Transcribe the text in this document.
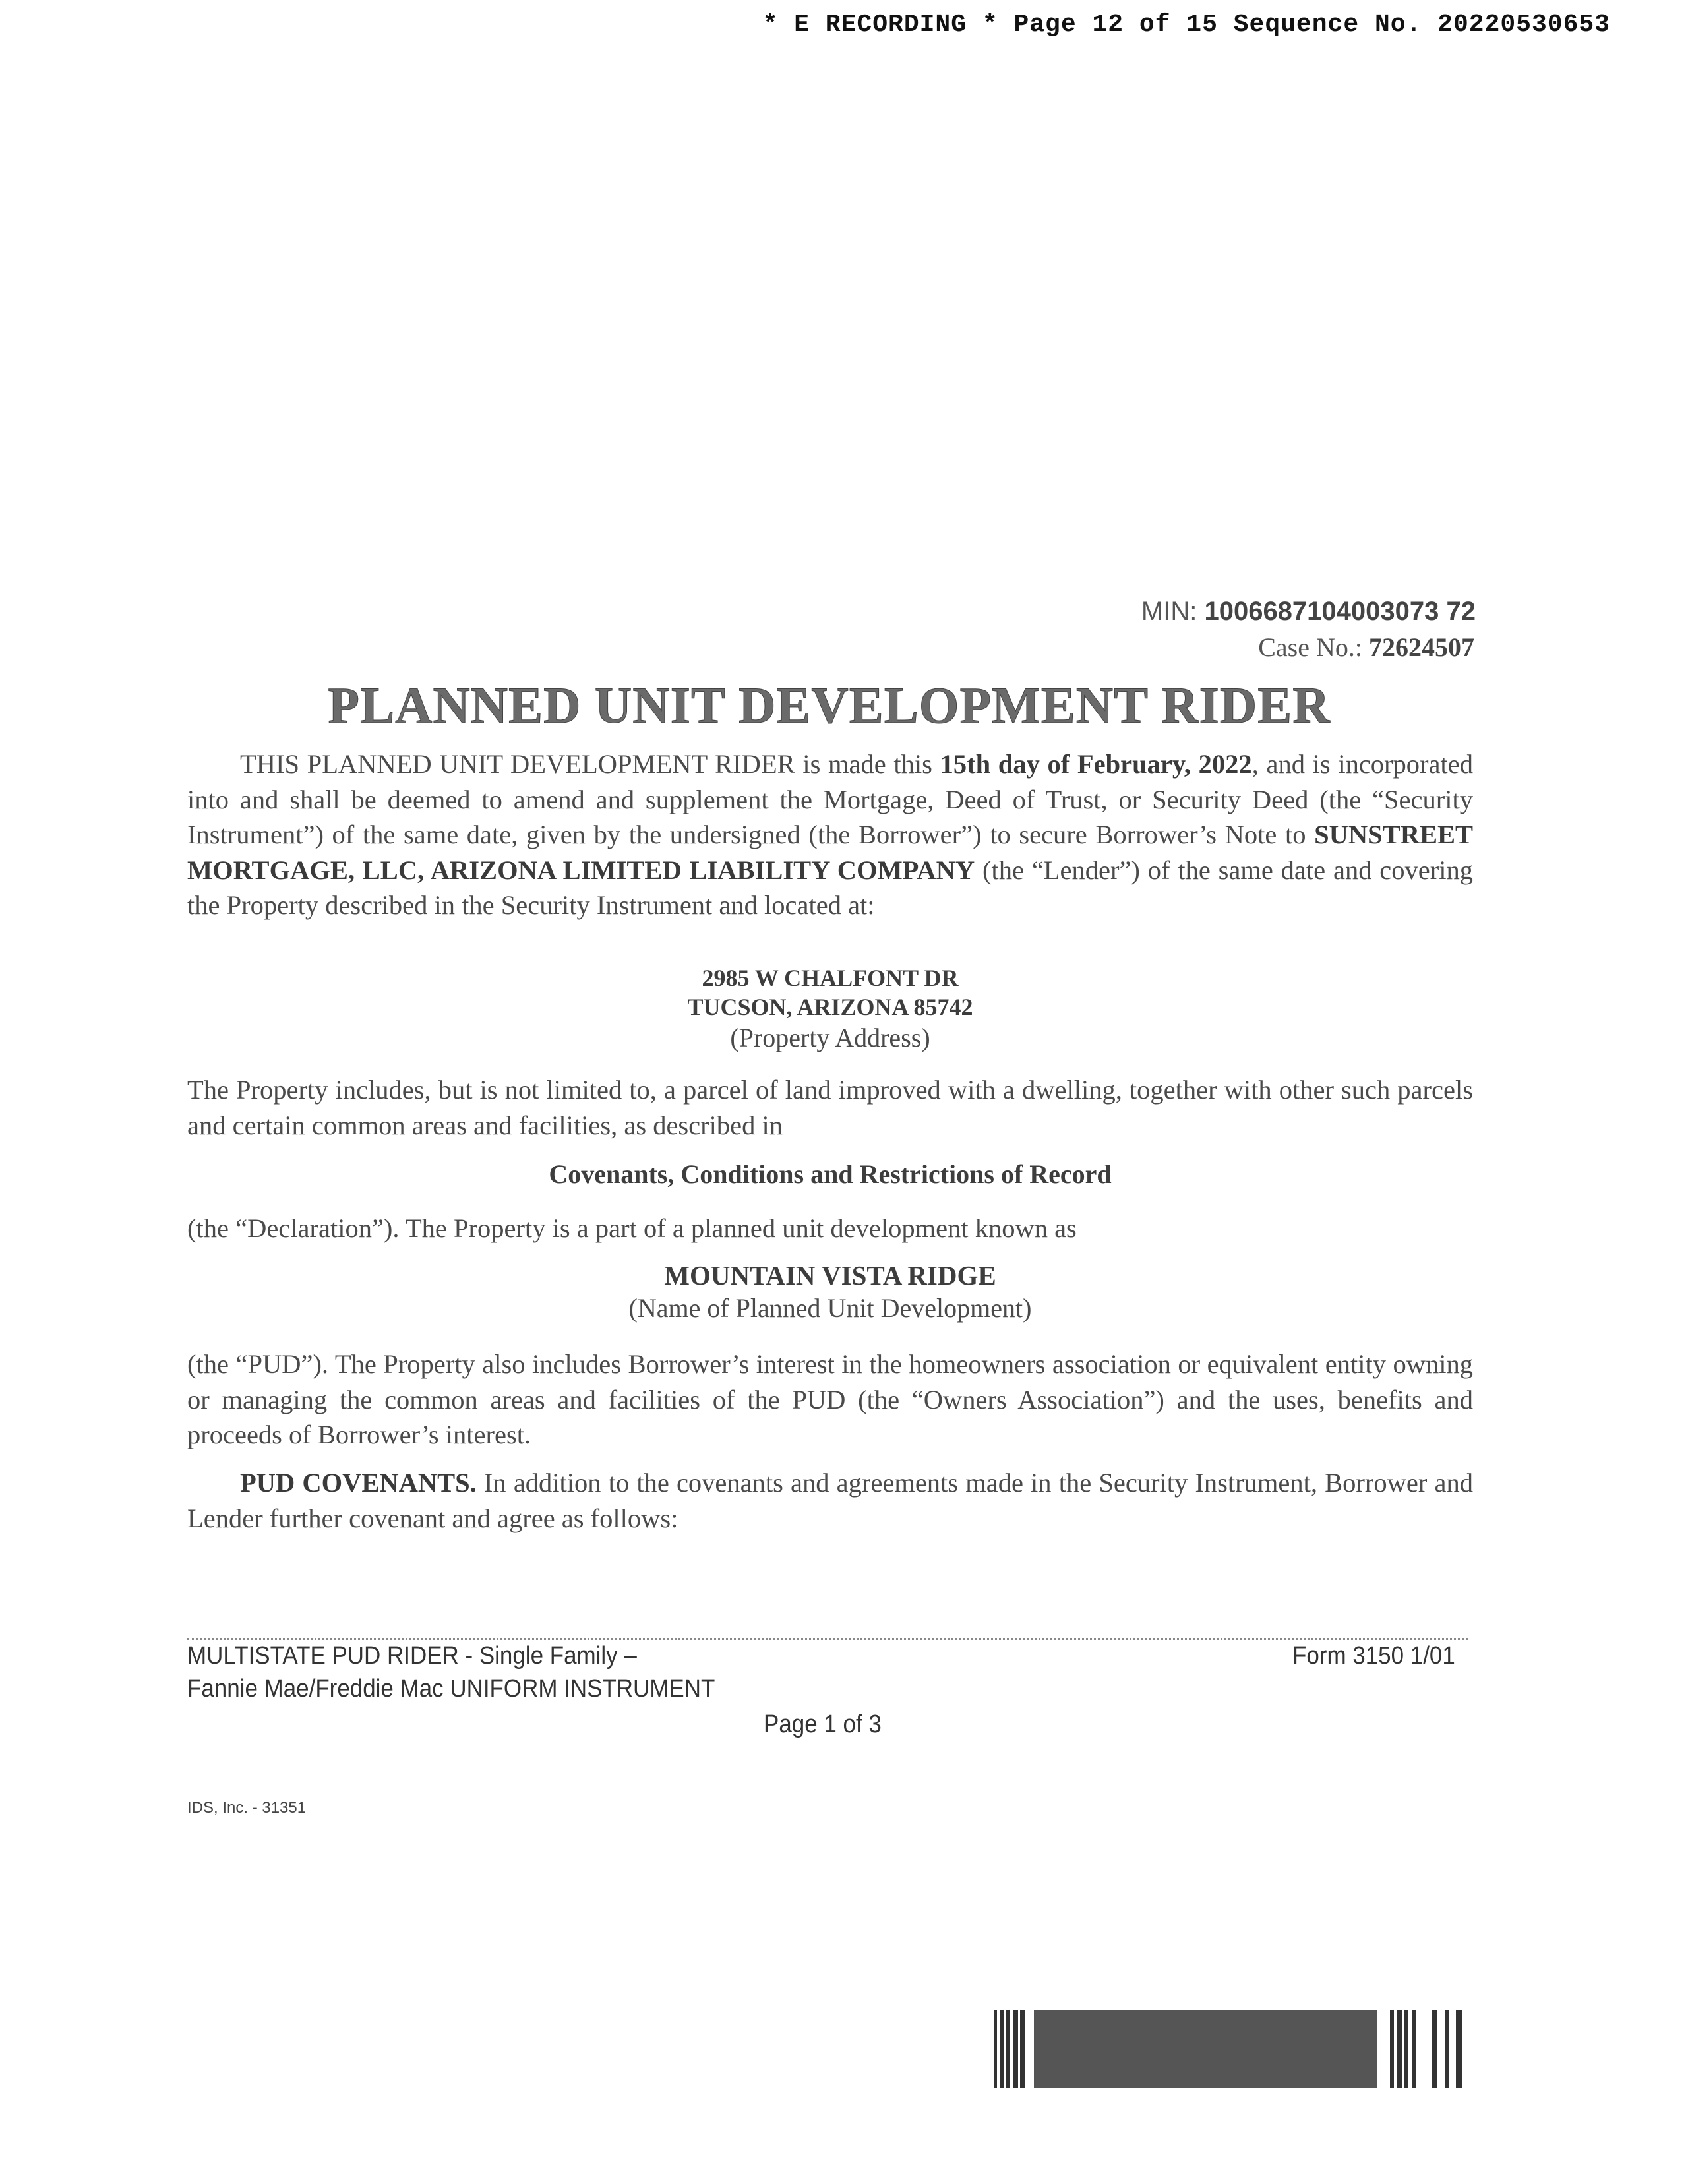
* E RECORDING * Page 12 of 15 Sequence No. 20220530653
MIN: 1006687104003073 72
Case No.: 72624507
PLANNED UNIT DEVELOPMENT RIDER
THIS PLANNED UNIT DEVELOPMENT RIDER is made this 15th day of February, 2022, and is incorporated into and shall be deemed to amend and supplement the Mortgage, Deed of Trust, or Security Deed (the “Security Instrument”) of the same date, given by the undersigned (the Borrower”) to secure Borrower’s Note to SUNSTREET MORTGAGE, LLC, ARIZONA LIMITED LIABILITY COMPANY (the “Lender”) of the same date and covering the Property described in the Security Instrument and located at:
2985 W CHALFONT DR
TUCSON, ARIZONA 85742
(Property Address)
The Property includes, but is not limited to, a parcel of land improved with a dwelling, together with other such parcels and certain common areas and facilities, as described in
Covenants, Conditions and Restrictions of Record
(the “Declaration”). The Property is a part of a planned unit development known as
MOUNTAIN VISTA RIDGE
(Name of Planned Unit Development)
(the “PUD”). The Property also includes Borrower’s interest in the homeowners association or equivalent entity owning or managing the common areas and facilities of the PUD (the “Owners Association”) and the uses, benefits and proceeds of Borrower’s interest.
PUD COVENANTS. In addition to the covenants and agreements made in the Security Instrument, Borrower and Lender further covenant and agree as follows:
MULTISTATE PUD RIDER - Single Family –
Fannie Mae/Freddie Mac UNIFORM INSTRUMENT
Form 3150 1/01
Page 1 of 3
IDS, Inc. - 31351
